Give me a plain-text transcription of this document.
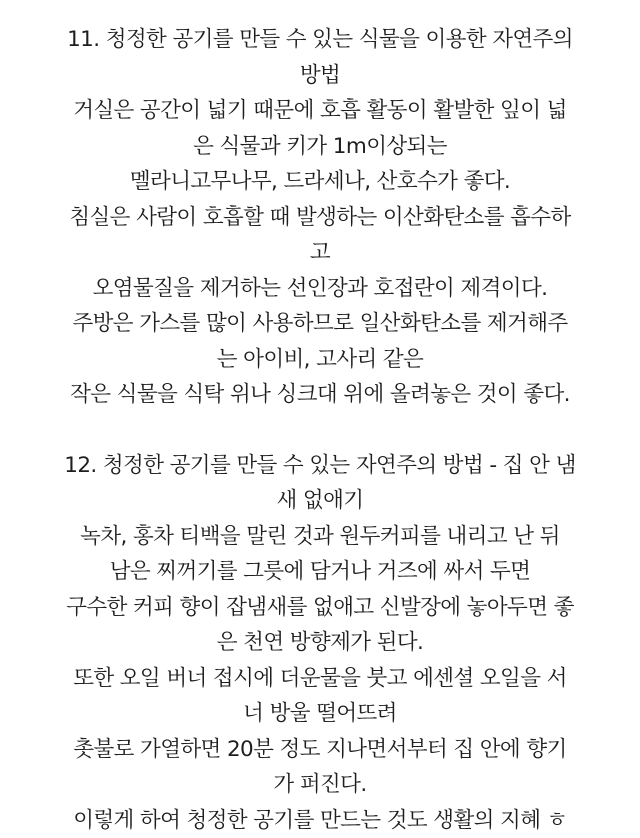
11. 청정한 공기를 만들 수 있는 식물을 이용한 자연주의
방법
거실은 공간이 넓기 때문에 호흡 활동이 활발한 잎이 넓
은 식물과 키가 1m이상되는
멜라니고무나무, 드라세나, 산호수가 좋다.
침실은 사람이 호흡할 때 발생하는 이산화탄소를 흡수하
고
오염물질을 제거하는 선인장과 호접란이 제격이다.
주방은 가스를 많이 사용하므로 일산화탄소를 제거해주
는 아이비, 고사리 같은
작은 식물을 식탁 위나 싱크대 위에 올려놓은 것이 좋다.
12. 청정한 공기를 만들 수 있는 자연주의 방법 - 집 안 냄
새 없애기
녹차, 홍차 티백을 말린 것과 원두커피를 내리고 난 뒤
남은 찌꺼기를 그릇에 담거나 거즈에 싸서 두면
구수한 커피 향이 잡냄새를 없애고 신발장에 놓아두면 좋
은 천연 방향제가 된다.
또한 오일 버너 접시에 더운물을 붓고 에센셜 오일을 서
너 방울 떨어뜨려
촛불로 가열하면 20분 정도 지나면서부터 집 안에 향기
가 퍼진다.
이렇게 하여 청정한 공기를 만드는 것도 생활의 지혜 ㅎ
